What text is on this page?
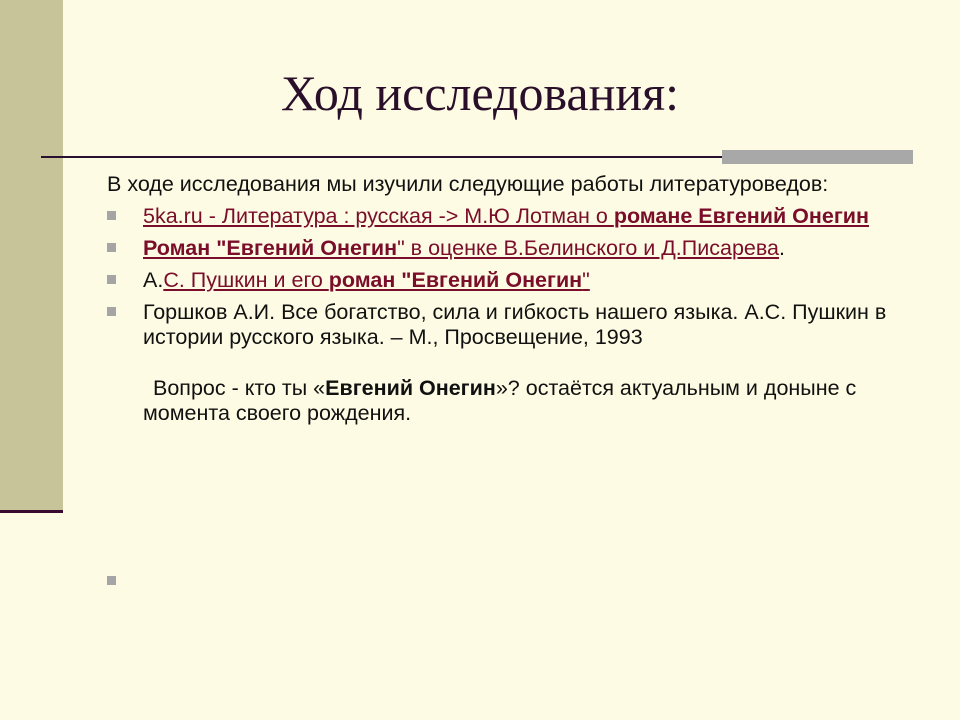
Ход исследования:

В ходе исследования мы изучили следующие работы литературоведов:

5ka.ru - Литература : русская -> М.Ю Лотман о романе Евгений Онегин

Роман "Евгений Онегин" в оценке В.Белинского и Д.Писарева.

А.С. Пушкин и его роман "Евгений Онегин"

Горшков А.И. Все богатство, сила и гибкость нашего языка. А.С. Пушкин в истории русского языка. – М., Просвещение, 1993

Вопрос - кто ты «Евгений Онегин»? остаётся актуальным и доныне с момента своего рождения.
